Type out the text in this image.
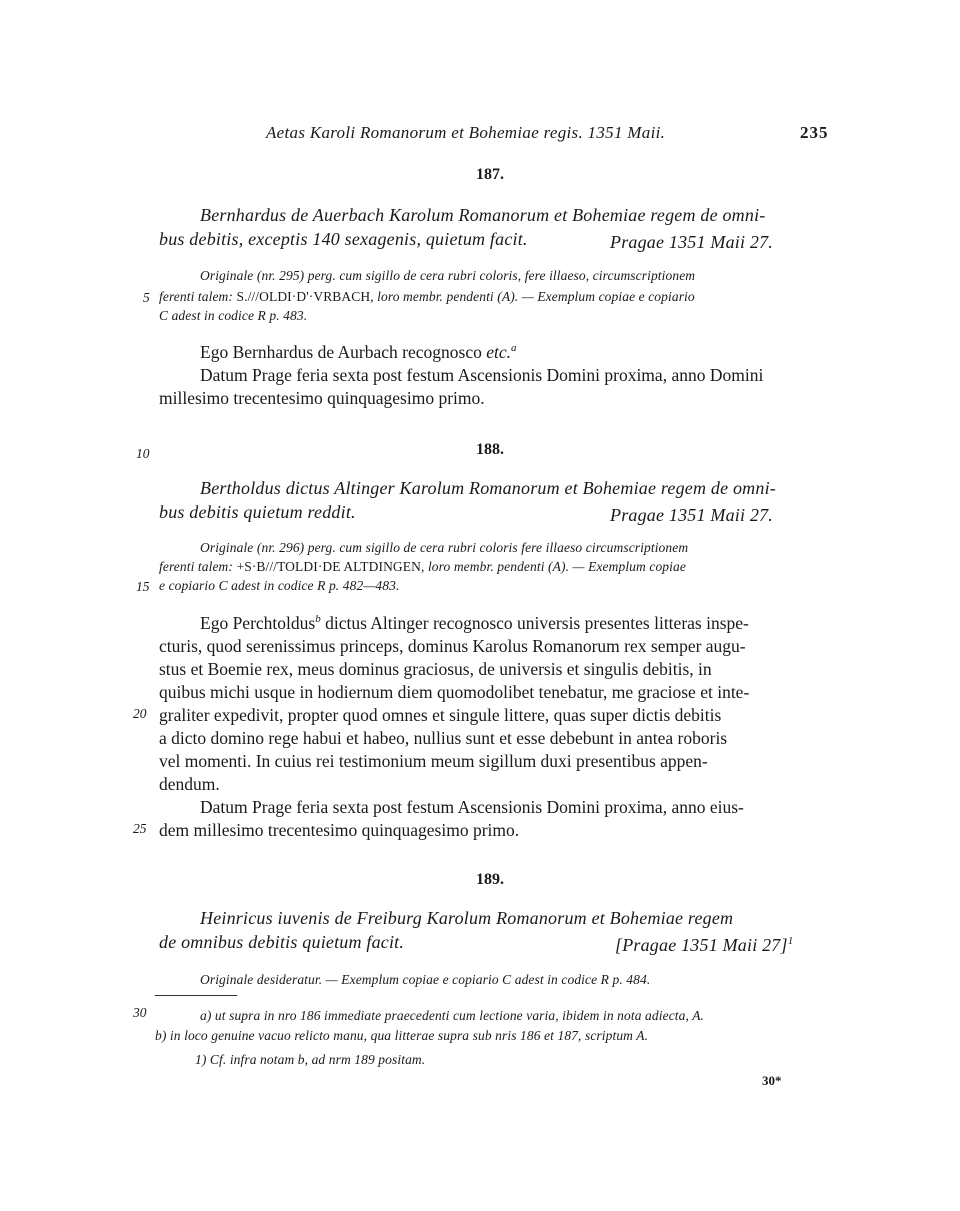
Aetas Karoli Romanorum et Bohemiae regis. 1351 Maii.	235
187.
Bernhardus de Auerbach Karolum Romanorum et Bohemiae regem de omni-
bus debitis, exceptis 140 sexagenis, quietum facit.	Pragae 1351 Maii 27.
Originale (nr. 295) perg. cum sigillo de cera rubri coloris, fere illaeso, circumscriptionem
ferenti talem: S.///OLDI·D'·VRBACH, loro membr. pendenti (A). — Exemplum copiae e copiario
C adest in codice R p. 483.
Ego Bernhardus de Aurbach recognosco etc.$^a$
Datum Prage feria sexta post festum Ascensionis Domini proxima, anno Domini
millesimo trecentesimo quinquagesimo primo.
188.
Bertholdus dictus Altinger Karolum Romanorum et Bohemiae regem de omni-
bus debitis quietum reddit.	Pragae 1351 Maii 27.
Originale (nr. 296) perg. cum sigillo de cera rubri coloris fere illaeso circumscriptionem
ferenti talem: +S·B///TOLDI·DE ALTDINGEN, loro membr. pendenti (A). — Exemplum copiae
e copiario C adest in codice R p. 482—483.
Ego Perchtoldus$^b$ dictus Altinger recognosco universis presentes litteras inspe-
cturis, quod serenissimus princeps, dominus Karolus Romanorum rex semper augu-
stus et Boemie rex, meus dominus graciosus, de universis et singulis debitis, in
quibus michi usque in hodiernum diem quomodolibet tenebatur, me graciose et inte-
graliter expedivit, propter quod omnes et singule littere, quas super dictis debitis
a dicto domino rege habui et habeo, nullius sunt et esse debebunt in antea roboris
vel momenti. In cuius rei testimonium meum sigillum duxi presentibus appen-
dendum.
Datum Prage feria sexta post festum Ascensionis Domini proxima, anno eius-
dem millesimo trecentesimo quinquagesimo primo.
189.
Heinricus iuvenis de Freiburg Karolum Romanorum et Bohemiae regem
de omnibus debitis quietum facit.	[Pragae 1351 Maii 27]$^1$
Originale desideratur. — Exemplum copiae e copiario C adest in codice R p. 484.
a) ut supra in nro 186 immediate praecedenti cum lectione varia, ibidem in nota adiecta, A.
b) in loco genuine vacuo relicto manu, qua litterae supra sub nris 186 et 187, scriptum A.
1) Cf. infra notam b, ad nrm 189 positam.
5
10
15
20
25
30
30*
